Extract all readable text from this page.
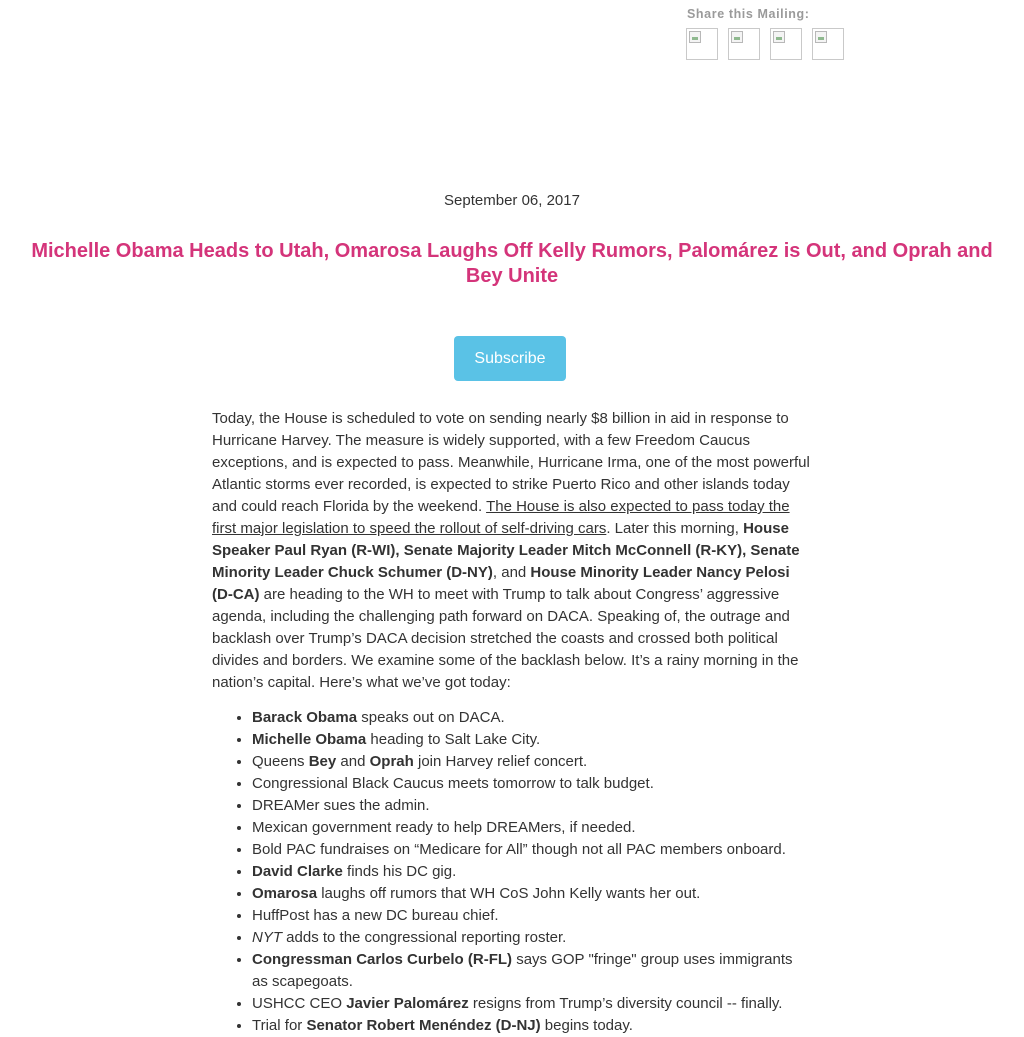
Share this Mailing:

September 06, 2017
Michelle Obama Heads to Utah, Omarosa Laughs Off Kelly Rumors, Palomárez is Out, and Oprah and Bey Unite
Subscribe

Today, the House is scheduled to vote on sending nearly $8 billion in aid in response to Hurricane Harvey. The measure is widely supported, with a few Freedom Caucus exceptions, and is expected to pass. Meanwhile, Hurricane Irma, one of the most powerful Atlantic storms ever recorded, is expected to strike Puerto Rico and other islands today and could reach Florida by the weekend. The House is also expected to pass today the first major legislation to speed the rollout of self-driving cars. Later this morning, House Speaker Paul Ryan (R-WI), Senate Majority Leader Mitch McConnell (R-KY), Senate Minority Leader Chuck Schumer (D-NY), and House Minority Leader Nancy Pelosi (D-CA) are heading to the WH to meet with Trump to talk about Congress’ aggressive agenda, including the challenging path forward on DACA. Speaking of, the outrage and backlash over Trump’s DACA decision stretched the coasts and crossed both political divides and borders. We examine some of the backlash below. It’s a rainy morning in the nation’s capital. Here’s what we’ve got today:

• Barack Obama speaks out on DACA.
• Michelle Obama heading to Salt Lake City.
• Queens Bey and Oprah join Harvey relief concert.
• Congressional Black Caucus meets tomorrow to talk budget.
• DREAMer sues the admin.
• Mexican government ready to help DREAMers, if needed.
• Bold PAC fundraises on “Medicare for All” though not all PAC members onboard.
• David Clarke finds his DC gig.
• Omarosa laughs off rumors that WH CoS John Kelly wants her out.
• HuffPost has a new DC bureau chief.
• NYT adds to the congressional reporting roster.
• Congressman Carlos Curbelo (R-FL) says GOP "fringe" group uses immigrants as scapegoats.
• USHCC CEO Javier Palomárez resigns from Trump’s diversity council -- finally.
• Trial for Senator Robert Menéndez (D-NJ) begins today.
